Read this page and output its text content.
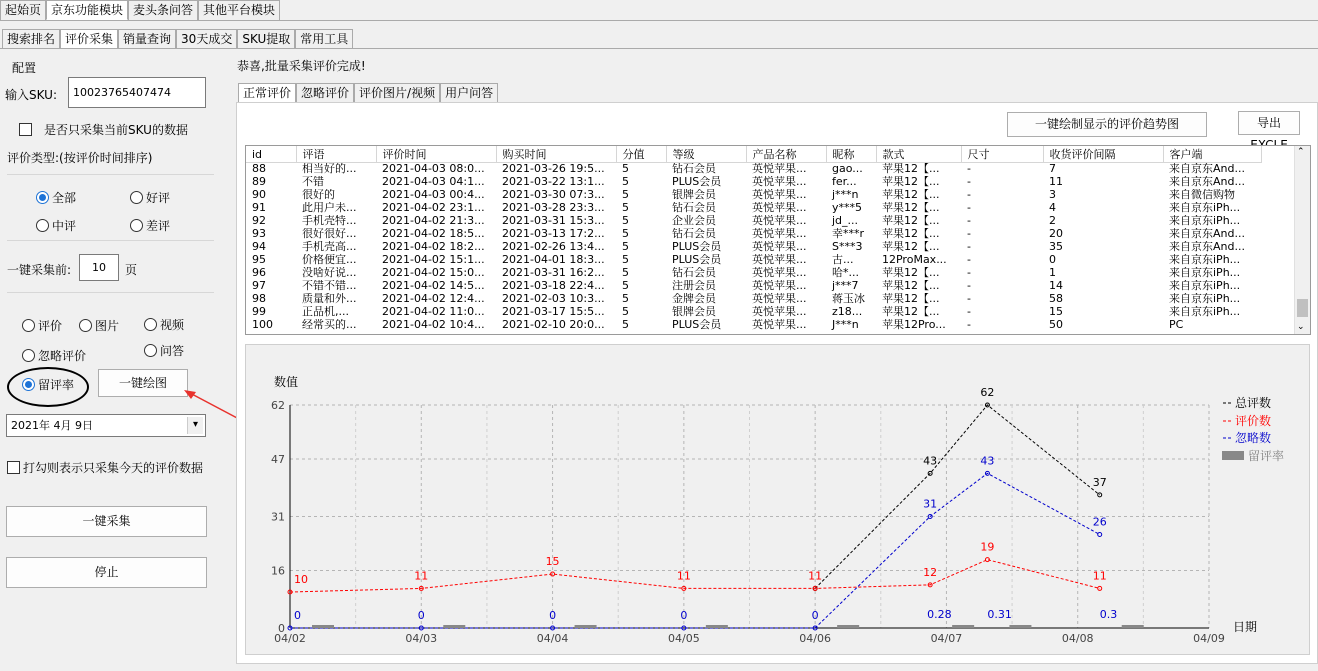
起始页 京东功能模块 麦头条问答 其他平台模块
搜索排名 评价采集 销量查询 30天成交 SKU提取 常用工具
配置
输入SKU:	10023765407474
是否只采集当前SKU的数据
评价类型:(按评价时间排序)
全部	好评
中评	差评
一键采集前:	10	页
评价	图片	视频
忽略评价	问答
留评率	一键绘图
2021年 4月 9日	▾
打勾则表示只采集今天的评价数据
一键采集
停止
恭喜,批量采集评价完成!
正常评价 忽略评价 评价图片/视频 用户问答
一键绘制显示的评价趋势图	导出
id	评语	评价时间	购买时间	分值	等级	产品名称	昵称	款式	尺寸	收货评价间隔	客户端
88	相当好的...	2021-04-03 08:0...	2021-03-26 19:5...	5	钻石会员	英悦苹果...	gao...	苹果12【...	-	7	来自京东And...
89	不错	2021-04-03 04:1...	2021-03-22 13:1...	5	PLUS会员	英悦苹果...	fer...	苹果12【...	-	11	来自京东And...
90	很好的	2021-04-03 00:4...	2021-03-30 07:3...	5	银牌会员	英悦苹果...	j***n	苹果12【...	-	3	来自微信购物
91	此用户未...	2021-04-02 23:1...	2021-03-28 23:3...	5	钻石会员	英悦苹果...	y***5	苹果12【...	-	4	来自京东iPh...
92	手机壳特...	2021-04-02 21:3...	2021-03-31 15:3...	5	企业会员	英悦苹果...	jd_...	苹果12【...	-	2	来自京东iPh...
93	很好很好...	2021-04-02 18:5...	2021-03-13 17:2...	5	钻石会员	英悦苹果...	幸***r	苹果12【...	-	20	来自京东And...
94	手机壳高...	2021-04-02 18:2...	2021-02-26 13:4...	5	PLUS会员	英悦苹果...	S***3	苹果12【...	-	35	来自京东And...
95	价格便宜...	2021-04-02 15:1...	2021-04-01 18:3...	5	PLUS会员	英悦苹果...	古...	12ProMax...	-	0	来自京东iPh...
96	没啥好说...	2021-04-02 15:0...	2021-03-31 16:2...	5	钻石会员	英悦苹果...	哈*...	苹果12【...	-	1	来自京东iPh...
97	不错不错...	2021-04-02 14:5...	2021-03-18 22:4...	5	注册会员	英悦苹果...	j***7	苹果12【...	-	14	来自京东iPh...
98	质量和外...	2021-04-02 12:4...	2021-02-03 10:3...	5	金牌会员	英悦苹果...	蒋玉冰	苹果12【...	-	58	来自京东iPh...
99	正品机,...	2021-04-02 11:0...	2021-03-17 15:5...	5	银牌会员	英悦苹果...	z18...	苹果12【...	-	15	来自京东iPh...
100	经常买的...	2021-04-02 10:4...	2021-02-10 20:0...	5	PLUS会员	英悦苹果...	J***n	苹果12Pro...	-	50	PC
⌃
⌄
0
16
31
47
62
04/02	04/03	04/04	04/05	04/06	04/07	04/08	04/09
数值
日期
43
62
37
10	11
15
11	11	12
19
11
0	0	0	0	0
31
43
26
0.28	0.31	0.3
总评数
评价数
忽略数
留评率
